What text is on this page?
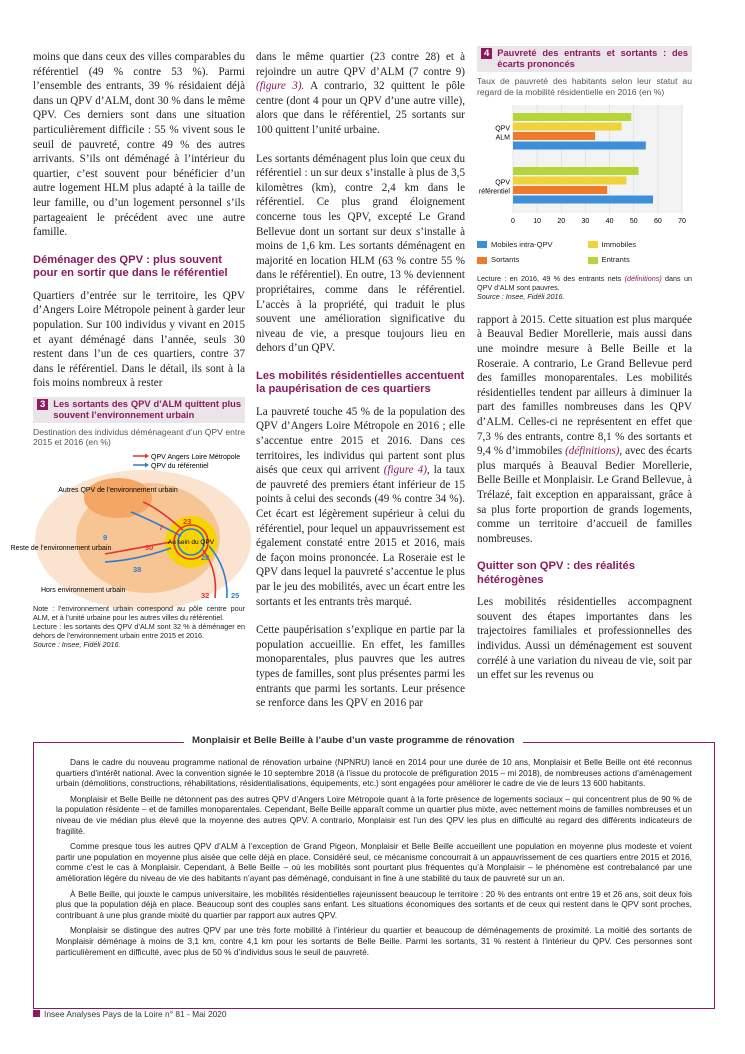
moins que dans ceux des villes comparables du référentiel (49 % contre 53 %). Parmi l’ensemble des entrants, 39 % résidaient déjà dans un QPV d’ALM, dont 30 % dans le même QPV. Ces derniers sont dans une situation particulièrement difficile : 55 % vivent sous le seuil de pauvreté, contre 49 % des autres arrivants. S’ils ont déménagé à l’intérieur du quartier, c’est souvent pour bénéficier d’un autre logement HLM plus adapté à la taille de leur famille, ou d’un logement personnel s’ils partageaient le précédent avec une autre famille.

Déménager des QPV : plus souvent pour en sortir que dans le référentiel

Quartiers d’entrée sur le territoire, les QPV d’Angers Loire Métropole peinent à garder leur population. Sur 100 individus y vivant en 2015 et ayant déménagé dans l’année, seuls 30 restent dans l’un de ces quartiers, contre 37 dans le référentiel. Dans le détail, ils sont à la fois moins nombreux à rester

3 Les sortants des QPV d’ALM quittent plus souvent l’environnement urbain
Destination des individus déménageant d’un QPV entre 2015 et 2016 (en %)
QPV Angers Loire Métropole
QPV du référentiel
Autres QPV de l’environnement urbain
Reste de l’environnement urbain
Au sein du QPV
Hors environnement urbain
7
9
23
28
30
38
32	25
Note : l’environnement urbain correspond au pôle centre pour ALM, et à l’unité urbaine pour les autres villes du référentiel.
Lecture : les sortants des QPV d’ALM sont 32 % à déménager en dehors de l’environnement urbain entre 2015 et 2016.
Source : Insee, Fidéli 2016.

dans le même quartier (23 contre 28) et à rejoindre un autre QPV d’ALM (7 contre 9) (figure 3). A contrario, 32 quittent le pôle centre (dont 4 pour un QPV d’une autre ville), alors que dans le référentiel, 25 sortants sur 100 quittent l’unité urbaine.

Les sortants déménagent plus loin que ceux du référentiel : un sur deux s’installe à plus de 3,5 kilomètres (km), contre 2,4 km dans le référentiel. Ce plus grand éloignement concerne tous les QPV, excepté Le Grand Bellevue dont un sortant sur deux s’installe à moins de 1,6 km. Les sortants déménagent en majorité en location HLM (63 % contre 55 % dans le référentiel). En outre, 13 % deviennent propriétaires, comme dans le référentiel. L’accès à la propriété, qui traduit le plus souvent une amélioration significative du niveau de vie, a presque toujours lieu en dehors d’un QPV.

Les mobilités résidentielles accentuent la paupérisation de ces quartiers

La pauvreté touche 45 % de la population des QPV d’Angers Loire Métropole en 2016 ; elle s’accentue entre 2015 et 2016. Dans ces territoires, les individus qui partent sont plus aisés que ceux qui arrivent (figure 4), la taux de pauvreté des premiers étant inférieur de 15 points à celui des seconds (49 % contre 34 %). Cet écart est légèrement supérieur à celui du référentiel, pour lequel un appauvrissement est également constaté entre 2015 et 2016, mais de façon moins prononcée. La Roseraie est le QPV dans lequel la pauvreté s’accentue le plus par le jeu des mobilités, avec un écart entre les sortants et les entrants très marqué.

Cette paupérisation s’explique en partie par la population accueillie. En effet, les familles monoparentales, plus pauvres que les autres types de familles, sont plus présentes parmi les entrants que parmi les sortants. Leur présence se renforce dans les QPV en 2016 par

4 Pauvreté des entrants et sortants : des écarts prononcés
Taux de pauvreté des habitants selon leur statut au regard de la mobilité résidentielle en 2016 (en %)
0	10 20 30 40 50 60 70
QPV
ALM
QPV
référentiel
Mobiles intra-QPV	Immobiles
Sortants	Entrants
Lecture : en 2016, 49 % des entrants nets (définitions) dans un QPV d’ALM sont pauvres.
Source : Insee, Fidéli 2016.

rapport à 2015. Cette situation est plus marquée à Beauval Bedier Morellerie, mais aussi dans une moindre mesure à Belle Beille et la Roseraie. A contrario, Le Grand Bellevue perd des familles monoparentales. Les mobilités résidentielles tendent par ailleurs à diminuer la part des familles nombreuses dans les QPV d’ALM. Celles-ci ne représentent en effet que 7,3 % des entrants, contre 8,1 % des sortants et 9,4 % d’immobiles (définitions), avec des écarts plus marqués à Beauval Bedier Morellerie, Belle Beille et Monplaisir. Le Grand Bellevue, à Trélazé, fait exception en apparaissant, grâce à sa plus forte proportion de grands logements, comme un territoire d’accueil de familles nombreuses.

Quitter son QPV : des réalités hétérogènes

Les mobilités résidentielles accompagnent souvent des étapes importantes dans les trajectoires familiales et professionnelles des individus. Aussi un déménagement est souvent corrélé à une variation du niveau de vie, soit par un effet sur les revenus ou

Monplaisir et Belle Beille à l’aube d’un vaste programme de rénovation

Dans le cadre du nouveau programme national de rénovation urbaine (NPNRU) lancé en 2014 pour une durée de 10 ans, Monplaisir et Belle Beille ont été reconnus quartiers d’intérêt national. Avec la convention signée le 10 septembre 2018 (à l’issue du protocole de préfiguration 2015 – mi 2018), de nombreuses actions d’aménagement urbain (démolitions, constructions, réhabilitations, résidentialisations, équipements, etc.) sont engagées pour améliorer le cadre de vie de leurs 13 600 habitants.

Monplaisir et Belle Beille ne détonnent pas des autres QPV d’Angers Loire Métropole quant à la forte présence de logements sociaux – qui concentrent plus de 90 % de la population résidente – et de familles monoparentales. Cependant, Belle Beille apparaît comme un quartier plus mixte, avec nettement moins de familles nombreuses et un niveau de vie médian plus élevé que la moyenne des autres QPV. A contrario, Monplaisir est l’un des QPV les plus en difficulté au regard des différents indicateurs de fragilité.

Comme presque tous les autres QPV d’ALM à l’exception de Grand Pigeon, Monplaisir et Belle Beille accueillent une population en moyenne plus modeste et voient partir une population en moyenne plus aisée que celle déjà en place. Considéré seul, ce mécanisme concourrait à un appauvrissement de ces quartiers entre 2015 et 2016, comme c’est le cas à Monplaisir. Cependant, à Belle Beille – où les mobilités sont pourtant plus fréquentes qu’à Monplaisir – le phénomène est contrebalancé par une amélioration légère du niveau de vie des habitants n’ayant pas déménagé, conduisant in fine à une stabilité du taux de pauvreté sur un an.

À Belle Beille, qui jouxte le campus universitaire, les mobilités résidentielles rajeunissent beaucoup le territoire : 20 % des entrants ont entre 19 et 26 ans, soit deux fois plus que la population déjà en place. Beaucoup sont des couples sans enfant. Les situations économiques des sortants et de ceux qui restent dans le QPV sont proches, contribuant à une plus grande mixité du quartier par rapport aux autres QPV.

Monplaisir se distingue des autres QPV par une très forte mobilité à l’intérieur du quartier et beaucoup de déménagements de proximité. La moitié des sortants de Monplaisir déménage à moins de 3,1 km, contre 4,1 km pour les sortants de Belle Beille. Parmi les sortants, 31 % restent à l’intérieur du QPV. Ces personnes sont particulièrement en difficulté, avec plus de 50 % d’individus sous le seuil de pauvreté.

Insee Analyses Pays de la Loire n° 81 - Mai 2020
